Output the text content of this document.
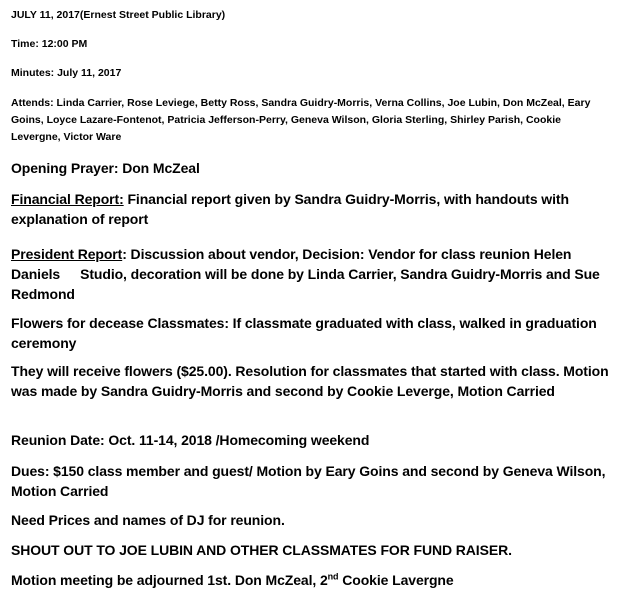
JULY 11, 2017(Ernest Street Public Library)
Time: 12:00 PM
Minutes: July 11, 2017
Attends: Linda Carrier, Rose Leviege, Betty Ross, Sandra Guidry-Morris, Verna Collins, Joe Lubin, Don McZeal, Eary Goins, Loyce Lazare-Fontenot, Patricia Jefferson-Perry, Geneva Wilson, Gloria Sterling, Shirley Parish, Cookie Levergne, Victor Ware
Opening Prayer: Don McZeal
Financial Report: Financial report given by Sandra Guidry-Morris, with handouts with explanation of report
President Report: Discussion about vendor, Decision: Vendor for class reunion Helen Daniels Studio, decoration will be done by Linda Carrier, Sandra Guidry-Morris and Sue Redmond
Flowers for decease Classmates: If classmate graduated with class, walked in graduation ceremony
They will receive flowers ($25.00). Resolution for classmates that started with class. Motion was made by Sandra Guidry-Morris and second by Cookie Leverge, Motion Carried
Reunion Date: Oct. 11-14, 2018 /Homecoming weekend
Dues: $150 class member and guest/ Motion by Eary Goins and second by Geneva Wilson, Motion Carried
Need Prices and names of DJ for reunion.
SHOUT OUT TO JOE LUBIN AND OTHER CLASSMATES FOR FUND RAISER.
Motion meeting be adjourned 1st. Don McZeal, 2nd Cookie Lavergne
